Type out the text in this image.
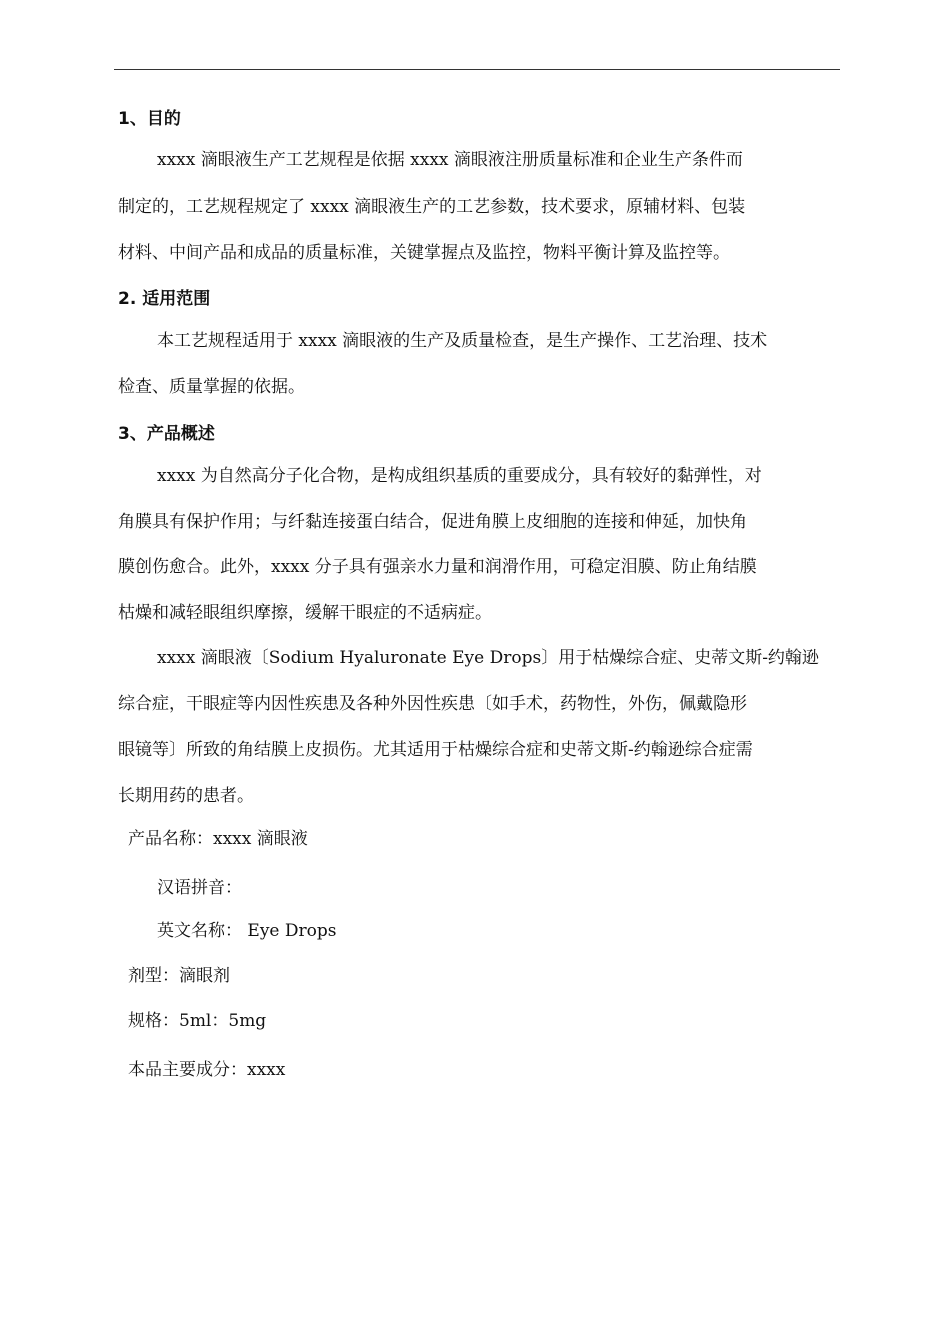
1、目的
xxxx 滴眼液生产工艺规程是依据 xxxx 滴眼液注册质量标准和企业生产条件而
制定的，工艺规程规定了 xxxx 滴眼液生产的工艺参数，技术要求，原辅材料、包装
材料、中间产品和成品的质量标准，关键掌握点及监控，物料平衡计算及监控等。
2. 适用范围
本工艺规程适用于 xxxx 滴眼液的生产及质量检查，是生产操作、工艺治理、技术
检查、质量掌握的依据。
3、产品概述
xxxx 为自然高分子化合物，是构成组织基质的重要成分，具有较好的黏弹性，对
角膜具有保护作用；与纤黏连接蛋白结合，促进角膜上皮细胞的连接和伸延，加快角
膜创伤愈合。此外，xxxx 分子具有强亲水力量和润滑作用，可稳定泪膜、防止角结膜
枯燥和减轻眼组织摩擦，缓解干眼症的不适病症。
xxxx 滴眼液〔Sodium Hyaluronate Eye Drops〕用于枯燥综合症、史蒂文斯-约翰逊
综合症，干眼症等内因性疾患及各种外因性疾患〔如手术，药物性，外伤，佩戴隐形
眼镜等〕所致的角结膜上皮损伤。尤其适用于枯燥综合症和史蒂文斯-约翰逊综合症需
长期用药的患者。
产品名称：xxxx 滴眼液
汉语拼音：
英文名称： Eye Drops
剂型：滴眼剂
规格：5ml：5mg
本品主要成分：xxxx
